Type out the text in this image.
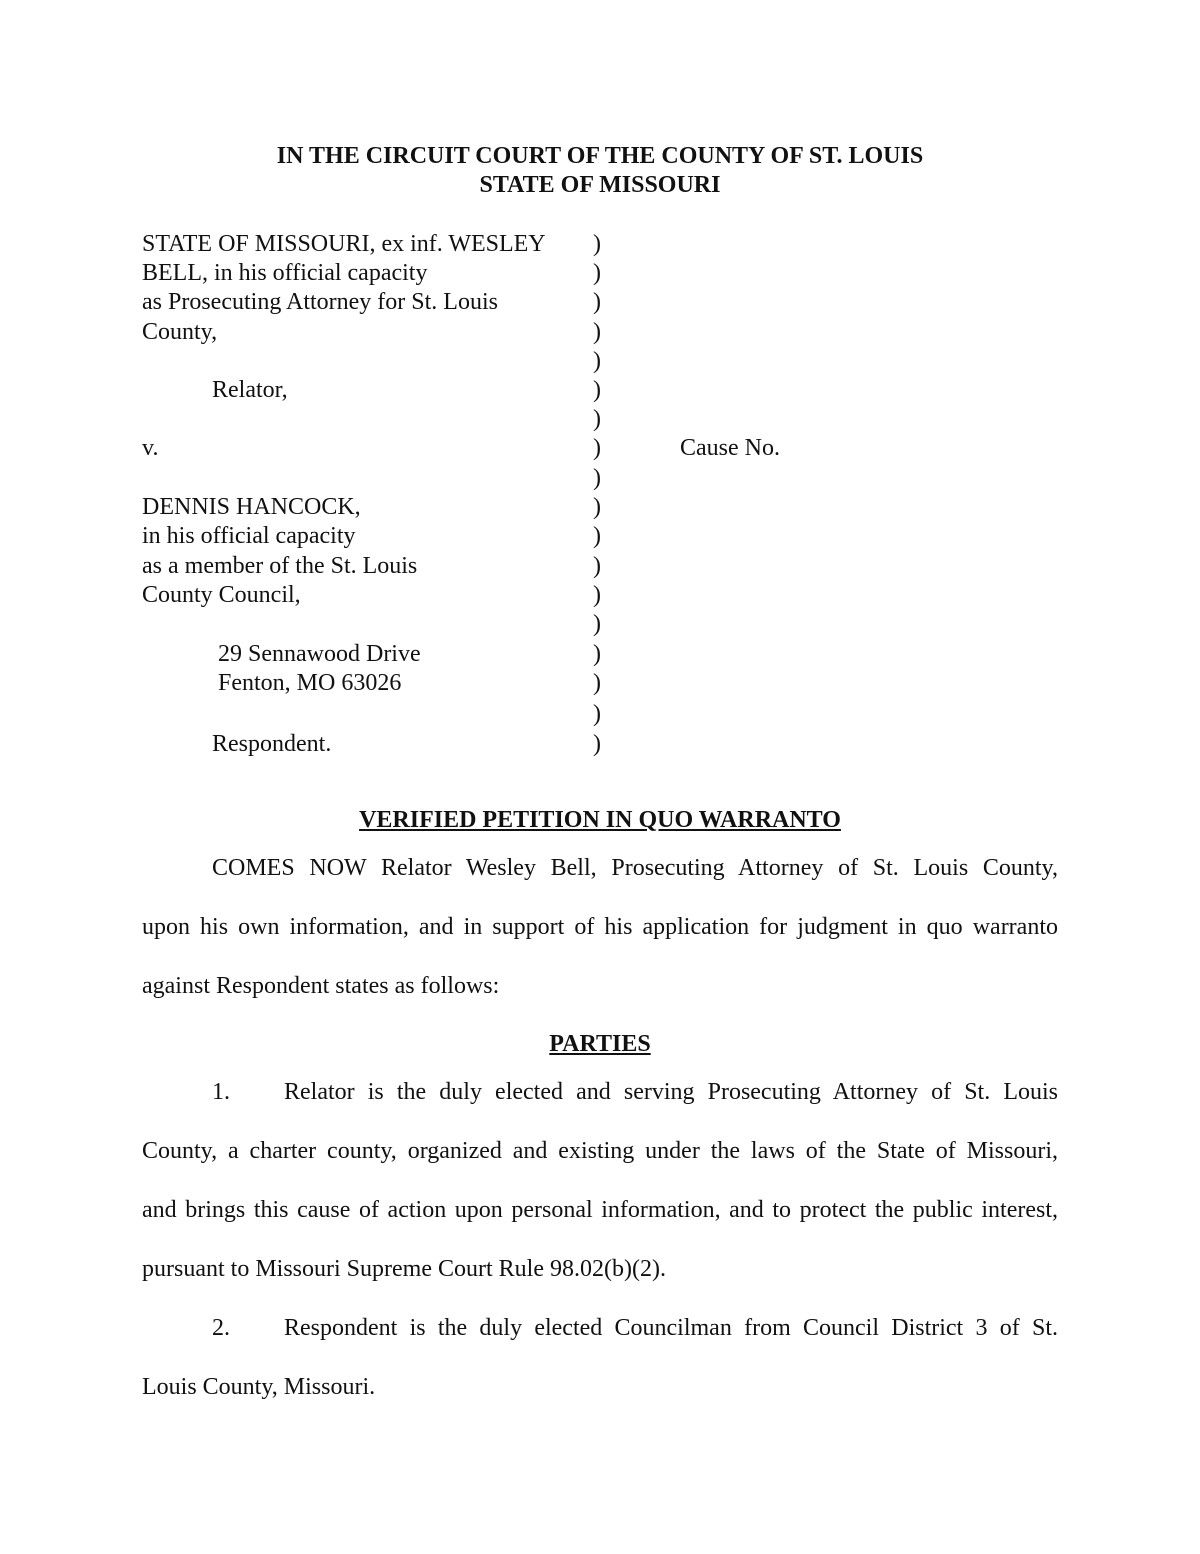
IN THE CIRCUIT COURT OF THE COUNTY OF ST. LOUIS
STATE OF MISSOURI
STATE OF MISSOURI, ex inf. WESLEY
BELL, in his official capacity
as Prosecuting Attorney for St. Louis
County,
Relator,
v.
DENNIS HANCOCK,
in his official capacity
as a member of the St. Louis
County Council,
29 Sennawood Drive
Fenton, MO 63026
Respondent.
)
)
)
)
)
)
)
)
)
)
)
)
)
)
)
)
)
)
Cause No.
VERIFIED PETITION IN QUO WARRANTO
COMES NOW Relator Wesley Bell, Prosecuting Attorney of St. Louis County,
upon his own information, and in support of his application for judgment in quo warranto
against Respondent states as follows:
PARTIES
1. Relator is the duly elected and serving Prosecuting Attorney of St. Louis
County, a charter county, organized and existing under the laws of the State of Missouri,
and brings this cause of action upon personal information, and to protect the public interest,
pursuant to Missouri Supreme Court Rule 98.02(b)(2).
2. Respondent is the duly elected Councilman from Council District 3 of St.
Louis County, Missouri.
